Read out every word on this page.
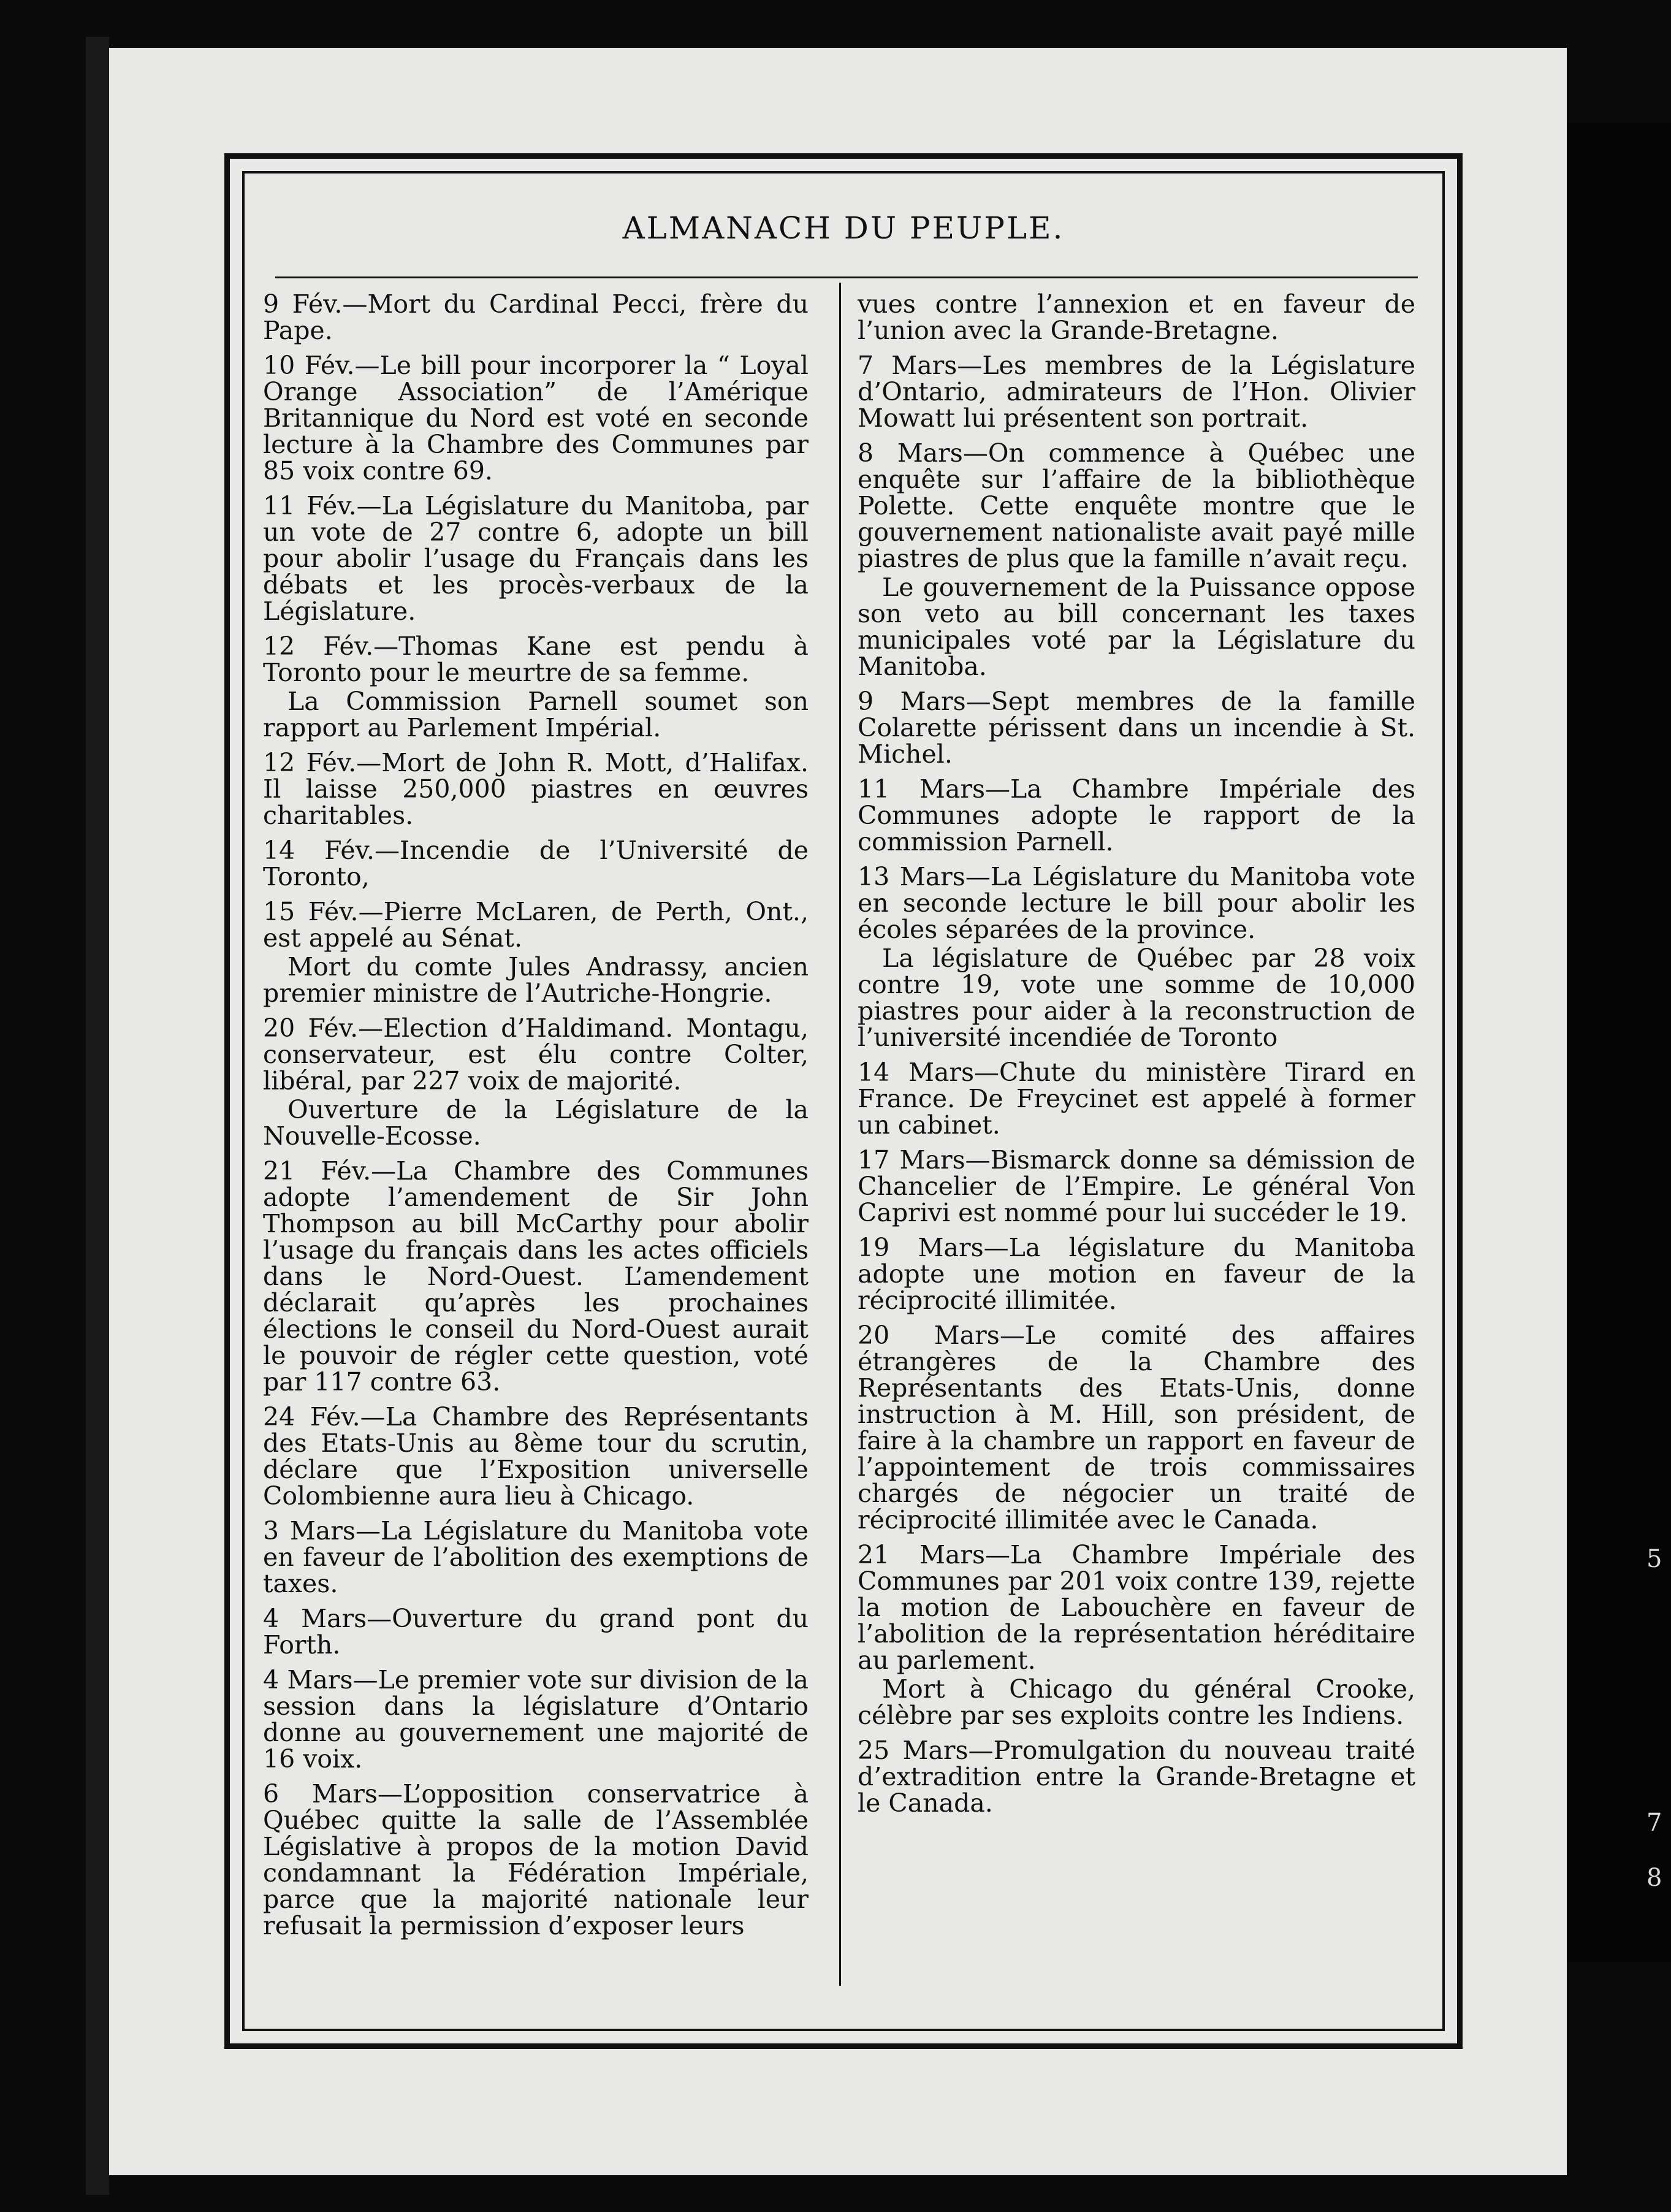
5
7
8
ALMANACH DU PEUPLE.

9 Fév.—Mort du Cardinal Pecci, frère du Pape.

10 Fév.—Le bill pour incorporer la “ Loyal Orange Association” de l’Amérique Britannique du Nord est voté en seconde lecture à la Chambre des Communes par 85 voix contre 69.

11 Fév.—La Législature du Manitoba, par un vote de 27 contre 6, adopte un bill pour abolir l’usage du Français dans les débats et les procès-verbaux de la Législature.

12 Fév.—Thomas Kane est pendu à Toronto pour le meurtre de sa femme.

La Commission Parnell soumet son rapport au Parlement Impérial.

12 Fév.—Mort de John R. Mott, d’Halifax. Il laisse 250,000 piastres en œuvres charitables.

14 Fév.—Incendie de l’Université de Toronto,

15 Fév.—Pierre McLaren, de Perth, Ont., est appelé au Sénat.

Mort du comte Jules Andrassy, ancien premier ministre de l’Autriche-Hongrie.

20 Fév.—Election d’Haldimand. Montagu, conservateur, est élu contre Colter, libéral, par 227 voix de majorité.

Ouverture de la Législature de la Nouvelle-Ecosse.

21 Fév.—La Chambre des Communes adopte l’amendement de Sir John Thompson au bill McCarthy pour abolir l’usage du français dans les actes officiels dans le Nord-Ouest. L’amendement déclarait qu’après les prochaines élections le conseil du Nord-Ouest aurait le pouvoir de régler cette question, voté par 117 contre 63.

24 Fév.—La Chambre des Représentants des Etats-Unis au 8ème tour du scrutin, déclare que l’Exposition universelle Colombienne aura lieu à Chicago.

3 Mars—La Législature du Manitoba vote en faveur de l’abolition des exemptions de taxes.

4 Mars—Ouverture du grand pont du Forth.

4 Mars—Le premier vote sur division de la session dans la législature d’Ontario donne au gouvernement une majorité de 16 voix.

6 Mars—L’opposition conservatrice à Québec quitte la salle de l’Assemblée Législative à propos de la motion David condamnant la Fédération Impériale, parce que la majorité nationale leur refusait la permission d’exposer leurs

vues contre l’annexion et en faveur de l’union avec la Grande-Bretagne.

7 Mars—Les membres de la Législature d’Ontario, admirateurs de l’Hon. Olivier Mowatt lui présentent son portrait.

8 Mars—On commence à Québec une enquête sur l’affaire de la bibliothèque Polette. Cette enquête montre que le gouvernement nationaliste avait payé mille piastres de plus que la famille n’avait reçu.

Le gouvernement de la Puissance oppose son veto au bill concernant les taxes municipales voté par la Législature du Manitoba.

9 Mars—Sept membres de la famille Colarette périssent dans un incendie à St. Michel.

11 Mars—La Chambre Impériale des Communes adopte le rapport de la commission Parnell.

13 Mars—La Législature du Manitoba vote en seconde lecture le bill pour abolir les écoles séparées de la province.

La législature de Québec par 28 voix contre 19, vote une somme de 10,000 piastres pour aider à la reconstruction de l’université incendiée de Toronto

14 Mars—Chute du ministère Tirard en France. De Freycinet est appelé à former un cabinet.

17 Mars—Bismarck donne sa démission de Chancelier de l’Empire. Le général Von Caprivi est nommé pour lui succéder le 19.

19 Mars—La législature du Manitoba adopte une motion en faveur de la réciprocité illimitée.

20 Mars—Le comité des affaires étrangères de la Chambre des Représentants des Etats-Unis, donne instruction à M. Hill, son président, de faire à la chambre un rapport en faveur de l’appointement de trois commissaires chargés de négocier un traité de réciprocité illimitée avec le Canada.

21 Mars—La Chambre Impériale des Communes par 201 voix contre 139, rejette la motion de Labouchère en faveur de l’abolition de la représentation héréditaire au parlement.

Mort à Chicago du général Crooke, célèbre par ses exploits contre les Indiens.

25 Mars—Promulgation du nouveau traité d’extradition entre la Grande-Bretagne et le Canada.
